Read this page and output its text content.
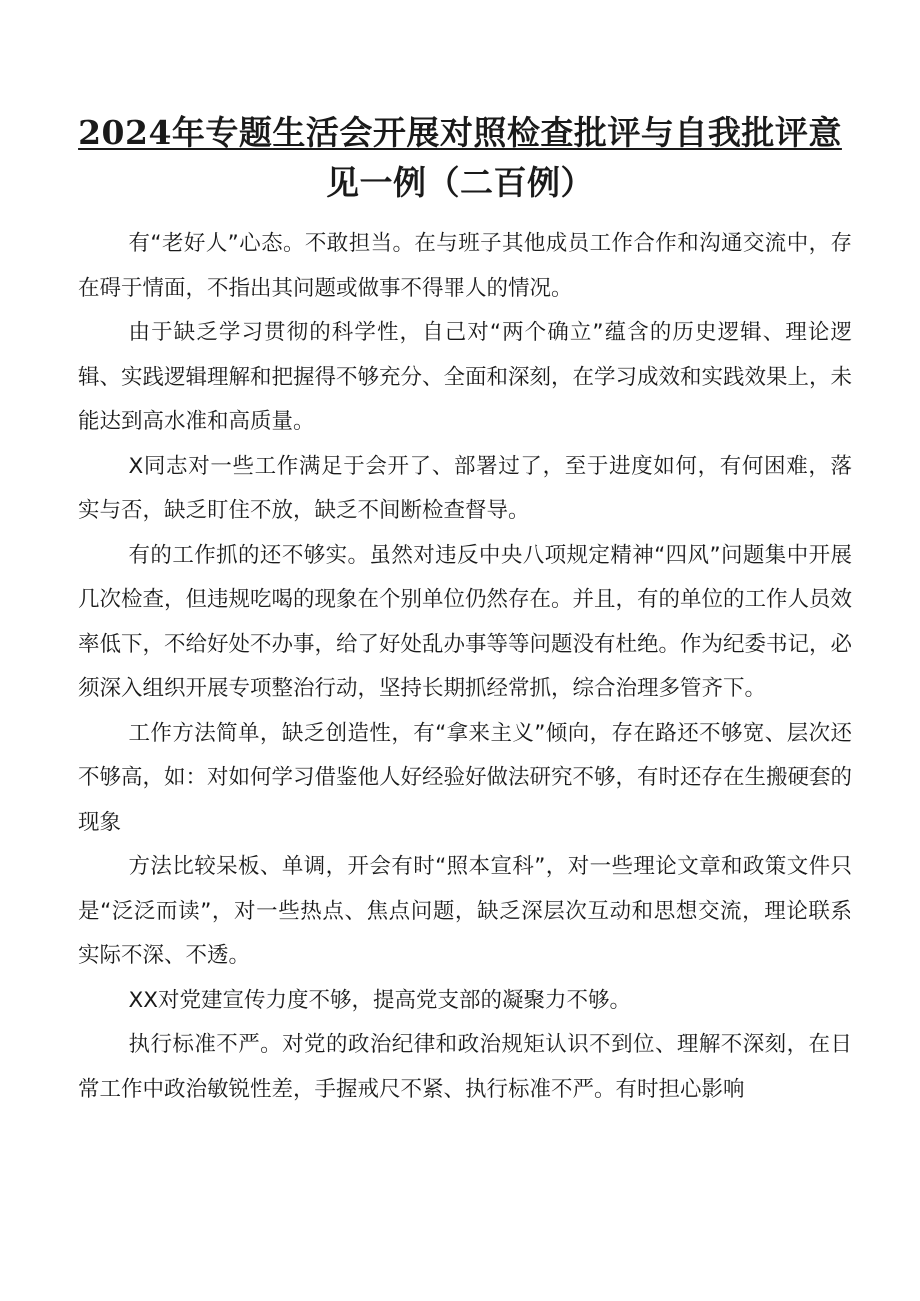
2024年专题生活会开展对照检查批评与自我批评意
见一例（二百例）

有“老好人”心态。不敢担当。在与班子其他成员工作合作和沟通交流中，存在碍于情面，不指出其问题或做事不得罪人的情况。

由于缺乏学习贯彻的科学性，自己对“两个确立”蕴含的历史逻辑、理论逻辑、实践逻辑理解和把握得不够充分、全面和深刻，在学习成效和实践效果上，未能达到高水准和高质量。

X同志对一些工作满足于会开了、部署过了，至于进度如何，有何困难，落实与否，缺乏盯住不放，缺乏不间断检查督导。

有的工作抓的还不够实。虽然对违反中央八项规定精神“四风”问题集中开展几次检查，但违规吃喝的现象在个别单位仍然存在。并且，有的单位的工作人员效率低下，不给好处不办事，给了好处乱办事等等问题没有杜绝。作为纪委书记，必须深入组织开展专项整治行动，坚持长期抓经常抓，综合治理多管齐下。

工作方法简单，缺乏创造性，有“拿来主义”倾向，存在路还不够宽、层次还不够高，如：对如何学习借鉴他人好经验好做法研究不够，有时还存在生搬硬套的现象

方法比较呆板、单调，开会有时“照本宣科”，对一些理论文章和政策文件只是“泛泛而读”，对一些热点、焦点问题，缺乏深层次互动和思想交流，理论联系实际不深、不透。

XX对党建宣传力度不够，提高党支部的凝聚力不够。

执行标准不严。对党的政治纪律和政治规矩认识不到位、理解不深刻，在日常工作中政治敏锐性差，手握戒尺不紧、执行标准不严。有时担心影响
